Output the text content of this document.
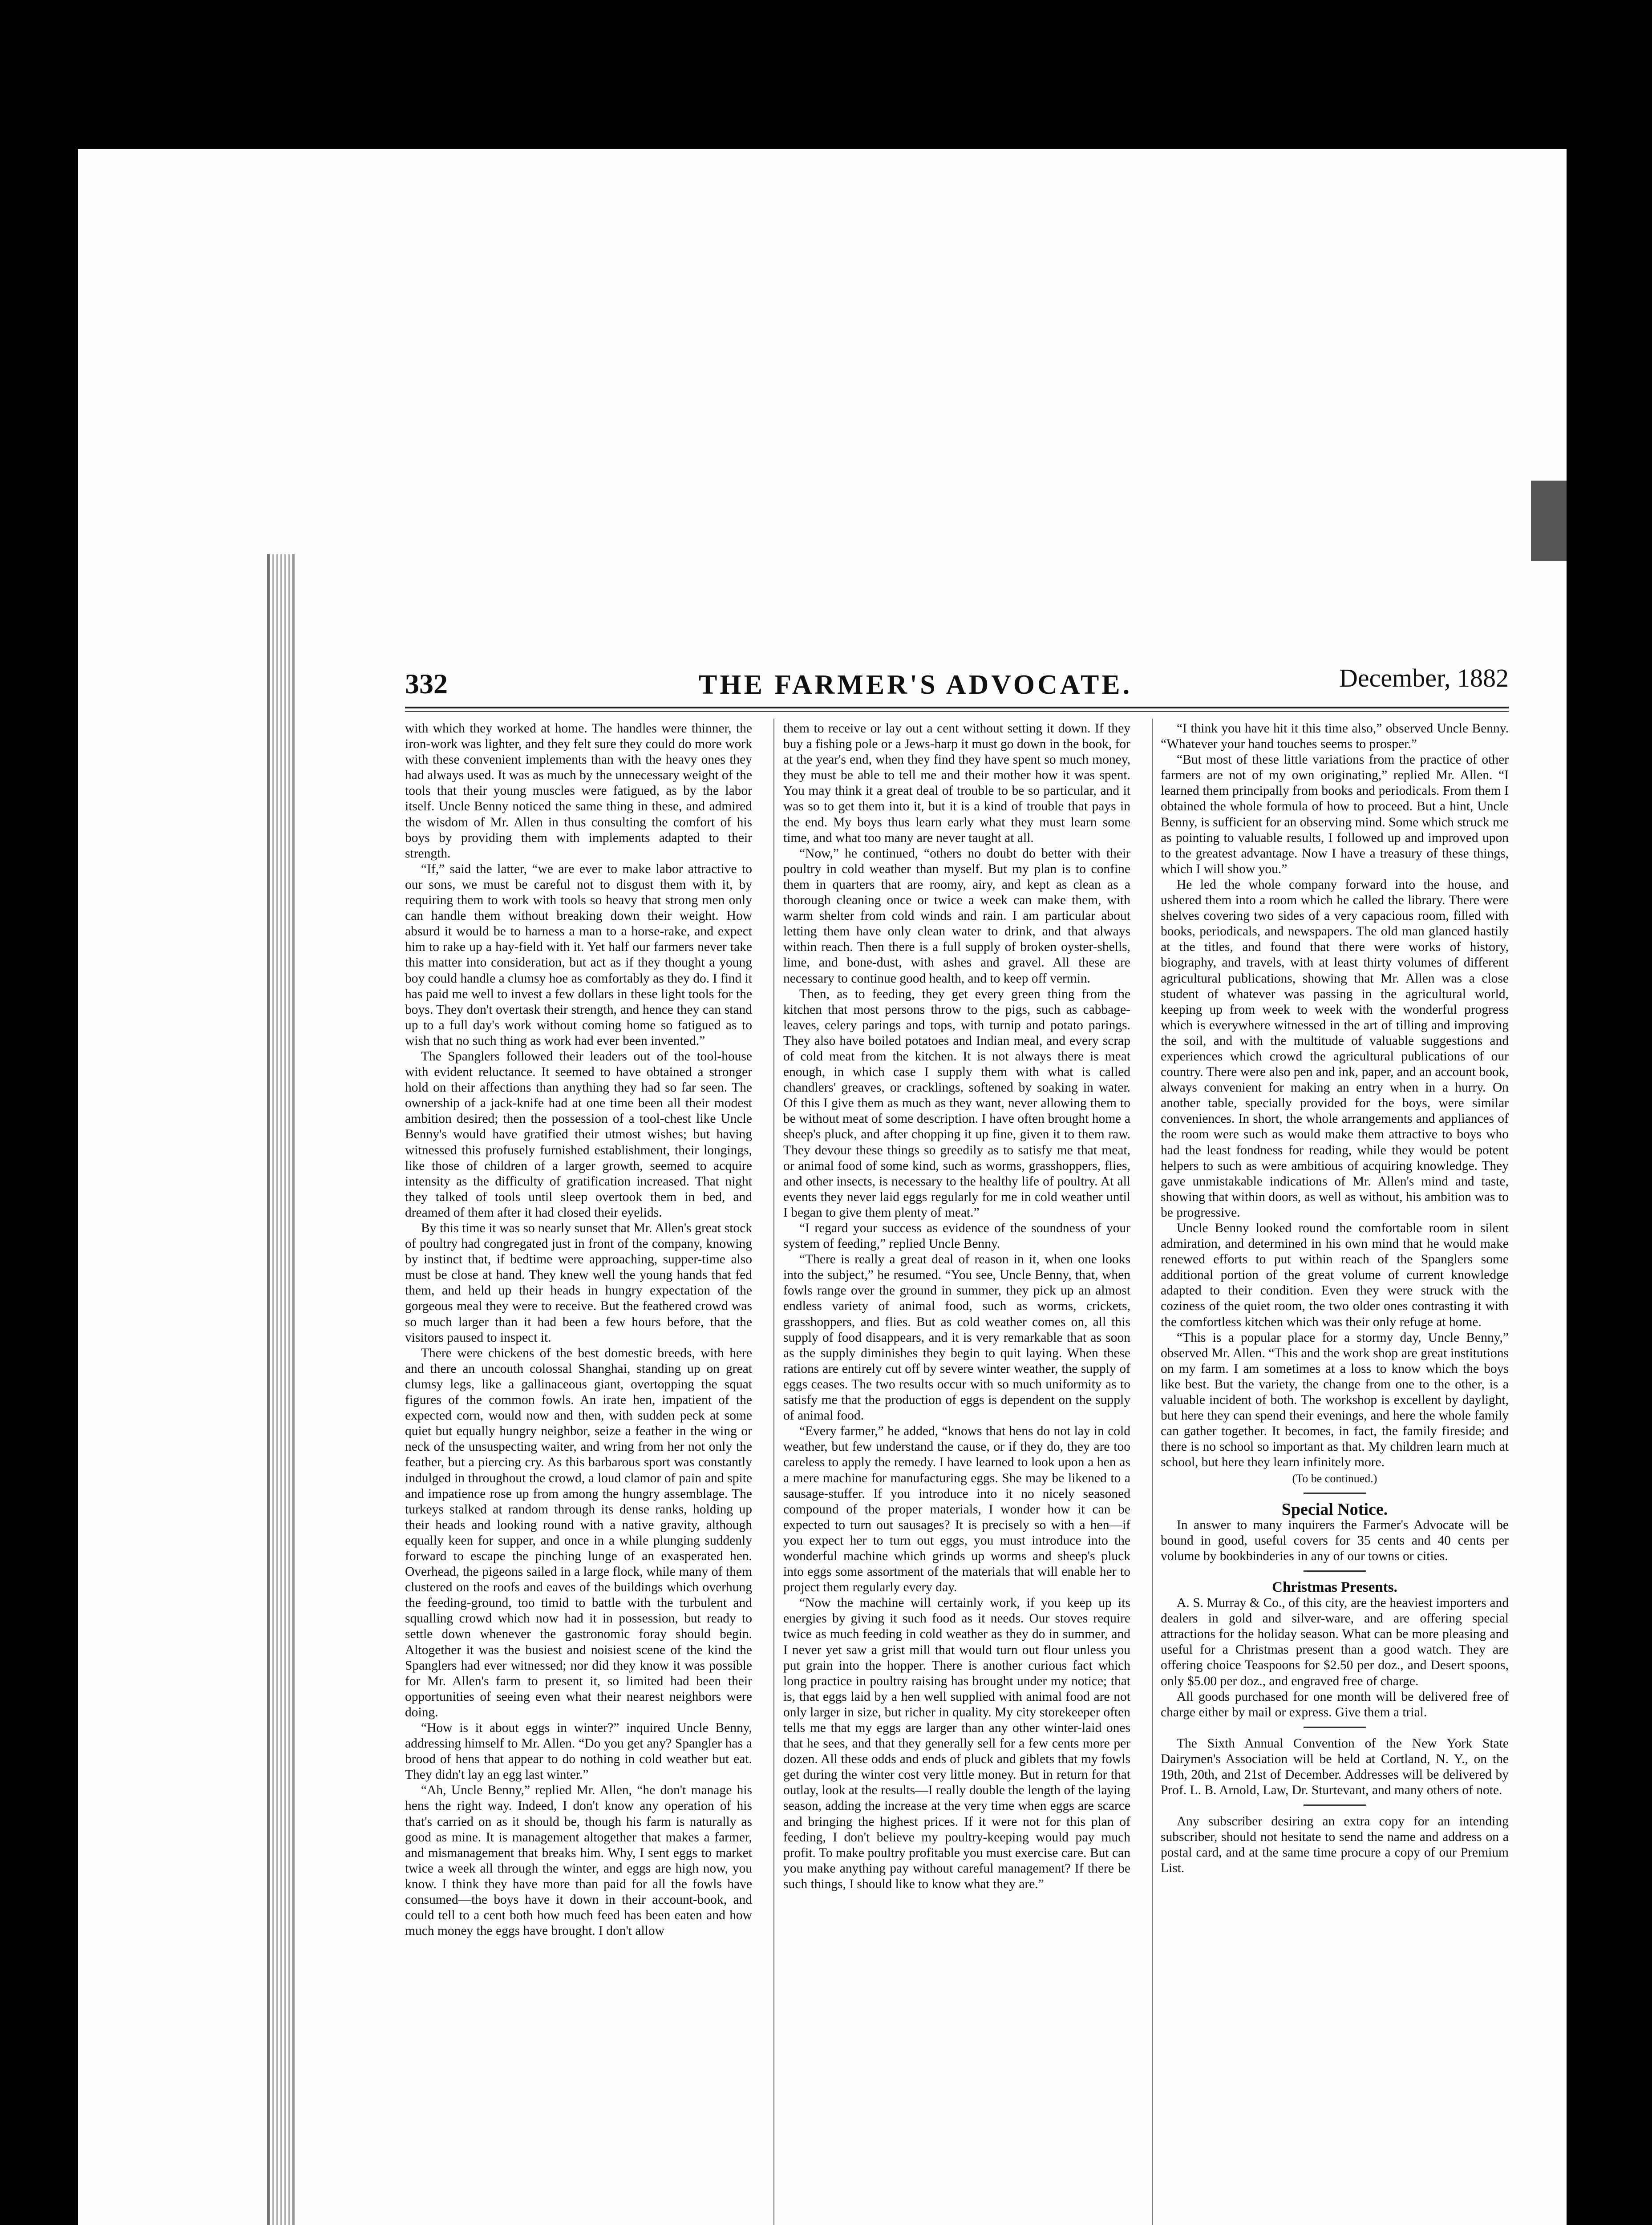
332	THE FARMER'S ADVOCATE.	December, 1882

with which they worked at home. The handles were thinner, the iron-work was lighter, and they felt sure they could do more work with these convenient implements than with the heavy ones they had always used. It was as much by the unnecessary weight of the tools that their young muscles were fatigued, as by the labor itself. Uncle Benny noticed the same thing in these, and admired the wisdom of Mr. Allen in thus consulting the comfort of his boys by providing them with implements adapted to their strength.

“If,” said the latter, “we are ever to make labor attractive to our sons, we must be careful not to disgust them with it, by requiring them to work with tools so heavy that strong men only can handle them without breaking down their weight. How absurd it would be to harness a man to a horse-rake, and expect him to rake up a hay-field with it. Yet half our farmers never take this matter into consideration, but act as if they thought a young boy could handle a clumsy hoe as comfortably as they do. I find it has paid me well to invest a few dollars in these light tools for the boys. They don't overtask their strength, and hence they can stand up to a full day's work without coming home so fatigued as to wish that no such thing as work had ever been invented.”

The Spanglers followed their leaders out of the tool-house with evident reluctance. It seemed to have obtained a stronger hold on their affections than anything they had so far seen. The ownership of a jack-knife had at one time been all their modest ambition desired; then the possession of a tool-chest like Uncle Benny's would have gratified their utmost wishes; but having witnessed this profusely furnished establishment, their longings, like those of children of a larger growth, seemed to acquire intensity as the difficulty of gratification increased. That night they talked of tools until sleep overtook them in bed, and dreamed of them after it had closed their eyelids.

By this time it was so nearly sunset that Mr. Allen's great stock of poultry had congregated just in front of the company, knowing by instinct that, if bedtime were approaching, supper-time also must be close at hand. They knew well the young hands that fed them, and held up their heads in hungry expectation of the gorgeous meal they were to receive. But the feathered crowd was so much larger than it had been a few hours before, that the visitors paused to inspect it.

There were chickens of the best domestic breeds, with here and there an uncouth colossal Shanghai, standing up on great clumsy legs, like a gallinaceous giant, overtopping the squat figures of the common fowls. An irate hen, impatient of the expected corn, would now and then, with sudden peck at some quiet but equally hungry neighbor, seize a feather in the wing or neck of the unsuspecting waiter, and wring from her not only the feather, but a piercing cry. As this barbarous sport was constantly indulged in throughout the crowd, a loud clamor of pain and spite and impatience rose up from among the hungry assemblage. The turkeys stalked at random through its dense ranks, holding up their heads and looking round with a native gravity, although equally keen for supper, and once in a while plunging suddenly forward to escape the pinching lunge of an exasperated hen. Overhead, the pigeons sailed in a large flock, while many of them clustered on the roofs and eaves of the buildings which overhung the feeding-ground, too timid to battle with the turbulent and squalling crowd which now had it in possession, but ready to settle down whenever the gastronomic foray should begin. Altogether it was the busiest and noisiest scene of the kind the Spanglers had ever witnessed; nor did they know it was possible for Mr. Allen's farm to present it, so limited had been their opportunities of seeing even what their nearest neighbors were doing.

“How is it about eggs in winter?” inquired Uncle Benny, addressing himself to Mr. Allen. “Do you get any? Spangler has a brood of hens that appear to do nothing in cold weather but eat. They didn't lay an egg last winter.”

“Ah, Uncle Benny,” replied Mr. Allen, “he don't manage his hens the right way. Indeed, I don't know any operation of his that's carried on as it should be, though his farm is naturally as good as mine. It is management altogether that makes a farmer, and mismanagement that breaks him. Why, I sent eggs to market twice a week all through the winter, and eggs are high now, you know. I think they have more than paid for all the fowls have consumed—the boys have it down in their account-book, and could tell to a cent both how much feed has been eaten and how much money the eggs have brought. I don't allow

them to receive or lay out a cent without setting it down. If they buy a fishing pole or a Jews-harp it must go down in the book, for at the year's end, when they find they have spent so much money, they must be able to tell me and their mother how it was spent. You may think it a great deal of trouble to be so particular, and it was so to get them into it, but it is a kind of trouble that pays in the end. My boys thus learn early what they must learn some time, and what too many are never taught at all.

“Now,” he continued, “others no doubt do better with their poultry in cold weather than myself. But my plan is to confine them in quarters that are roomy, airy, and kept as clean as a thorough cleaning once or twice a week can make them, with warm shelter from cold winds and rain. I am particular about letting them have only clean water to drink, and that always within reach. Then there is a full supply of broken oyster-shells, lime, and bone-dust, with ashes and gravel. All these are necessary to continue good health, and to keep off vermin.

Then, as to feeding, they get every green thing from the kitchen that most persons throw to the pigs, such as cabbage-leaves, celery parings and tops, with turnip and potato parings. They also have boiled potatoes and Indian meal, and every scrap of cold meat from the kitchen. It is not always there is meat enough, in which case I supply them with what is called chandlers' greaves, or cracklings, softened by soaking in water. Of this I give them as much as they want, never allowing them to be without meat of some description. I have often brought home a sheep's pluck, and after chopping it up fine, given it to them raw. They devour these things so greedily as to satisfy me that meat, or animal food of some kind, such as worms, grasshoppers, flies, and other insects, is necessary to the healthy life of poultry. At all events they never laid eggs regularly for me in cold weather until I began to give them plenty of meat.”

“I regard your success as evidence of the soundness of your system of feeding,” replied Uncle Benny.

“There is really a great deal of reason in it, when one looks into the subject,” he resumed. “You see, Uncle Benny, that, when fowls range over the ground in summer, they pick up an almost endless variety of animal food, such as worms, crickets, grasshoppers, and flies. But as cold weather comes on, all this supply of food disappears, and it is very remarkable that as soon as the supply diminishes they begin to quit laying. When these rations are entirely cut off by severe winter weather, the supply of eggs ceases. The two results occur with so much uniformity as to satisfy me that the production of eggs is dependent on the supply of animal food.

“Every farmer,” he added, “knows that hens do not lay in cold weather, but few understand the cause, or if they do, they are too careless to apply the remedy. I have learned to look upon a hen as a mere machine for manufacturing eggs. She may be likened to a sausage-stuffer. If you introduce into it no nicely seasoned compound of the proper materials, I wonder how it can be expected to turn out sausages? It is precisely so with a hen—if you expect her to turn out eggs, you must introduce into the wonderful machine which grinds up worms and sheep's pluck into eggs some assortment of the materials that will enable her to project them regularly every day.

“Now the machine will certainly work, if you keep up its energies by giving it such food as it needs. Our stoves require twice as much feeding in cold weather as they do in summer, and I never yet saw a grist mill that would turn out flour unless you put grain into the hopper. There is another curious fact which long practice in poultry raising has brought under my notice; that is, that eggs laid by a hen well supplied with animal food are not only larger in size, but richer in quality. My city storekeeper often tells me that my eggs are larger than any other winter-laid ones that he sees, and that they generally sell for a few cents more per dozen. All these odds and ends of pluck and giblets that my fowls get during the winter cost very little money. But in return for that outlay, look at the results—I really double the length of the laying season, adding the increase at the very time when eggs are scarce and bringing the highest prices. If it were not for this plan of feeding, I don't believe my poultry-keeping would pay much profit. To make poultry profitable you must exercise care. But can you make anything pay without careful management? If there be such things, I should like to know what they are.”

“I think you have hit it this time also,” observed Uncle Benny. “Whatever your hand touches seems to prosper.”

“But most of these little variations from the practice of other farmers are not of my own originating,” replied Mr. Allen. “I learned them principally from books and periodicals. From them I obtained the whole formula of how to proceed. But a hint, Uncle Benny, is sufficient for an observing mind. Some which struck me as pointing to valuable results, I followed up and improved upon to the greatest advantage. Now I have a treasury of these things, which I will show you.”

He led the whole company forward into the house, and ushered them into a room which he called the library. There were shelves covering two sides of a very capacious room, filled with books, periodicals, and newspapers. The old man glanced hastily at the titles, and found that there were works of history, biography, and travels, with at least thirty volumes of different agricultural publications, showing that Mr. Allen was a close student of whatever was passing in the agricultural world, keeping up from week to week with the wonderful progress which is everywhere witnessed in the art of tilling and improving the soil, and with the multitude of valuable suggestions and experiences which crowd the agricultural publications of our country. There were also pen and ink, paper, and an account book, always convenient for making an entry when in a hurry. On another table, specially provided for the boys, were similar conveniences. In short, the whole arrangements and appliances of the room were such as would make them attractive to boys who had the least fondness for reading, while they would be potent helpers to such as were ambitious of acquiring knowledge. They gave unmistakable indications of Mr. Allen's mind and taste, showing that within doors, as well as without, his ambition was to be progressive.

Uncle Benny looked round the comfortable room in silent admiration, and determined in his own mind that he would make renewed efforts to put within reach of the Spanglers some additional portion of the great volume of current knowledge adapted to their condition. Even they were struck with the coziness of the quiet room, the two older ones contrasting it with the comfortless kitchen which was their only refuge at home.

“This is a popular place for a stormy day, Uncle Benny,” observed Mr. Allen. “This and the work shop are great institutions on my farm. I am sometimes at a loss to know which the boys like best. But the variety, the change from one to the other, is a valuable incident of both. The workshop is excellent by daylight, but here they can spend their evenings, and here the whole family can gather together. It becomes, in fact, the family fireside; and there is no school so important as that. My children learn much at school, but here they learn infinitely more.

(To be continued.)

Special Notice.

In answer to many inquirers the Farmer's Advocate will be bound in good, useful covers for 35 cents and 40 cents per volume by bookbinderies in any of our towns or cities.

Christmas Presents.

A. S. Murray & Co., of this city, are the heaviest importers and dealers in gold and silver-ware, and are offering special attractions for the holiday season. What can be more pleasing and useful for a Christmas present than a good watch. They are offering choice Teaspoons for $2.50 per doz., and Desert spoons, only $5.00 per doz., and engraved free of charge.

All goods purchased for one month will be delivered free of charge either by mail or express. Give them a trial.

The Sixth Annual Convention of the New York State Dairymen's Association will be held at Cortland, N. Y., on the 19th, 20th, and 21st of December. Addresses will be delivered by Prof. L. B. Arnold, Law, Dr. Sturtevant, and many others of note.

Any subscriber desiring an extra copy for an intending subscriber, should not hesitate to send the name and address on a postal card, and at the same time procure a copy of our Premium List.
